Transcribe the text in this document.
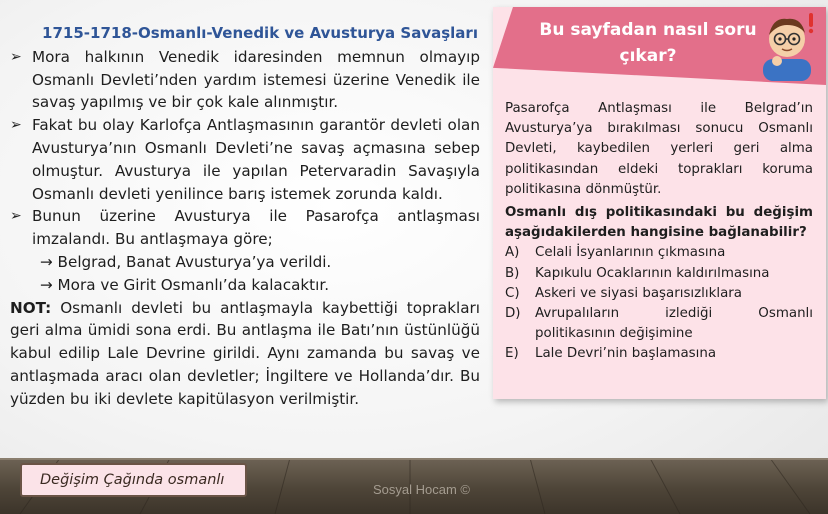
1715-1718-Osmanlı-Venedik ve Avusturya Savaşları
➢ Mora halkının Venedik idaresinden memnun olmayıp Osmanlı Devleti’nden yardım istemesi üzerine Venedik ile savaş yapılmış ve bir çok kale alınmıştır.
➢ Fakat bu olay Karlofça Antlaşmasının garantör devleti olan Avusturya’nın Osmanlı Devleti’ne savaş açmasına sebep olmuştur. Avusturya ile yapılan Petervaradin Savaşıyla Osmanlı devleti yenilince barış istemek zorunda kaldı.
➢ Bunun üzerine Avusturya ile Pasarofça antlaşması imzalandı. Bu antlaşmaya göre;
→ Belgrad, Banat Avusturya’ya verildi.
→ Mora ve Girit Osmanlı’da kalacaktır.
NOT: Osmanlı devleti bu antlaşmayla kaybettiği toprakları geri alma ümidi sona erdi. Bu antlaşma ile Batı’nın üstünlüğü kabul edilip Lale Devrine girildi. Aynı zamanda bu savaş ve antlaşmada aracı olan devletler; İngiltere ve Hollanda’dır. Bu yüzden bu iki devlete kapitülasyon verilmiştir.
Bu sayfadan nasıl soru
çıkar?

Pasarofça Antlaşması ile Belgrad’ın Avusturya’ya bırakılması sonucu Osmanlı Devleti, kaybedilen yerleri geri alma politikasından eldeki toprakları koruma politikasına dönmüştür.

Osmanlı dış politikasındaki bu değişim aşağıdakilerden hangisine bağlanabilir?

A)	Celali İsyanlarının çıkmasına
B)	Kapıkulu Ocaklarının kaldırılmasına
C)	Askeri ve siyasi başarısızlıklara
D)	Avrupalıların izlediği Osmanlı politikasının değişimine
E)	Lale Devri’nin başlamasına
Değişim Çağında osmanlı
Sosyal Hocam ©
